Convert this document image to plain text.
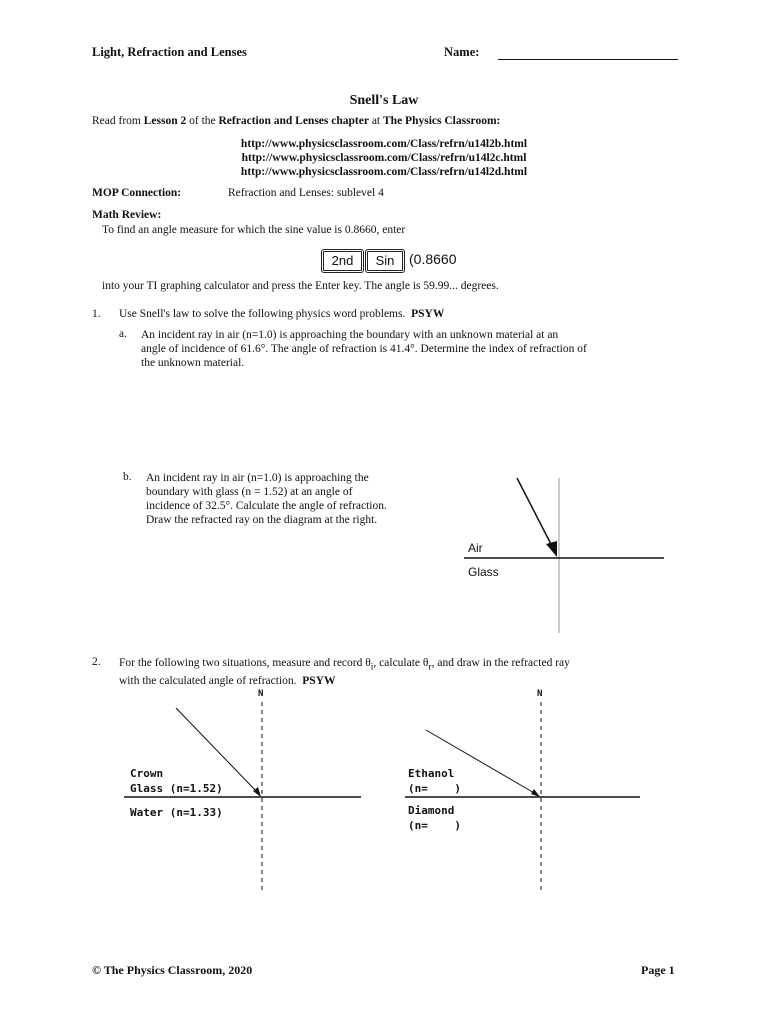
Light, Refraction and Lenses	Name:
Snell's Law
Read from Lesson 2 of the Refraction and Lenses chapter at The Physics Classroom:
http://www.physicsclassroom.com/Class/refrn/u14l2b.html
http://www.physicsclassroom.com/Class/refrn/u14l2c.html
http://www.physicsclassroom.com/Class/refrn/u14l2d.html
MOP Connection:	Refraction and Lenses: sublevel 4
Math Review:
To find an angle measure for which the sine value is 0.8660, enter
2nd	Sin	(0.8660
into your TI graphing calculator and press the Enter key. The angle is 59.99... degrees.
1. Use Snell's law to solve the following physics word problems. PSYW
a. An incident ray in air (n=1.0) is approaching the boundary with an unknown material at an
angle of incidence of 61.6°. The angle of refraction is 41.4°. Determine the index of refraction of
the unknown material.
b. An incident ray in air (n=1.0) is approaching the
boundary with glass (n = 1.52) at an angle of
incidence of 32.5°. Calculate the angle of refraction.
Draw the refracted ray on the diagram at the right.
Air
Glass
2. For the following two situations, measure and record $\theta_i$, calculate $\theta_r$, and draw in the refracted ray
with the calculated angle of refraction. PSYW
N
Crown
Glass (n=1.52)
Water (n=1.33)
N
Ethanol
(n=    )
Diamond
(n=    )
© The Physics Classroom, 2020	Page 1
